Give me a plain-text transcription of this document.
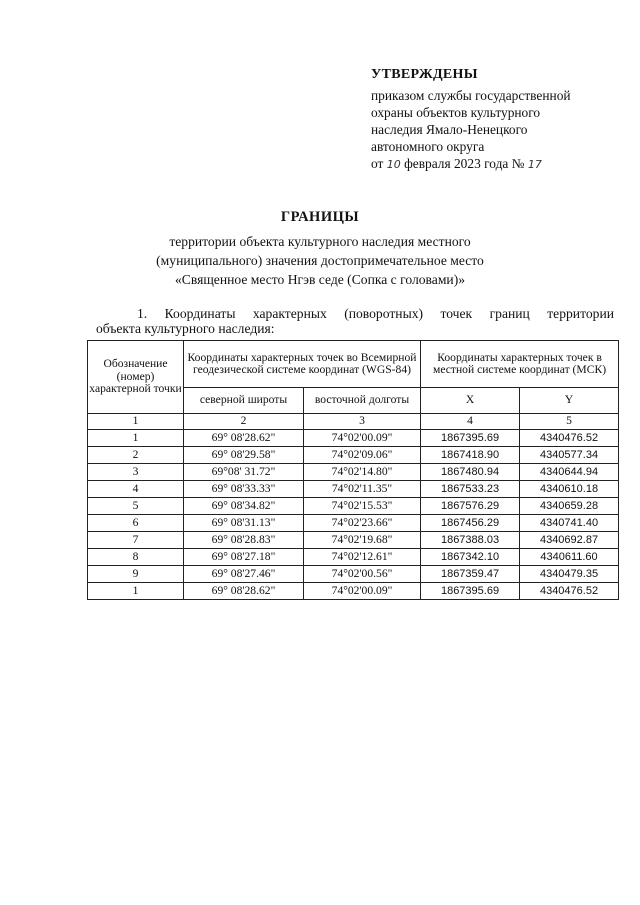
УТВЕРЖДЕНЫ
приказом службы государственной
охраны объектов культурного
наследия Ямало-Ненецкого
автономного округа
от 10 февраля 2023 года № 17
ГРАНИЦЫ
территории объекта культурного наследия местного
(муниципального) значения достопримечательное место
«Священное место Нгэв седе (Сопка с головами)»
1. Координаты характерных (поворотных) точек границ территории
объекта культурного наследия:
Обозначение (номер) характерной точки	Координаты характерных точек во Всемирной геодезической системе координат (WGS-84)		Координаты характерных точек в местной системе координат (МСК)	
	северной широты	восточной долготы	X	Y
1	2	3	4	5
1	69° 08'28.62"	74°02'00.09"	1867395.69	4340476.52
2	69° 08'29.58"	74°02'09.06"	1867418.90	4340577.34
3	69°08' 31.72"	74°02'14.80"	1867480.94	4340644.94
4	69° 08'33.33"	74°02'11.35"	1867533.23	4340610.18
5	69° 08'34.82"	74°02'15.53"	1867576.29	4340659.28
6	69° 08'31.13"	74°02'23.66"	1867456.29	4340741.40
7	69° 08'28.83"	74°02'19.68"	1867388.03	4340692.87
8	69° 08'27.18"	74°02'12.61"	1867342.10	4340611.60
9	69° 08'27.46"	74°02'00.56"	1867359.47	4340479.35
1	69° 08'28.62"	74°02'00.09"	1867395.69	4340476.52
